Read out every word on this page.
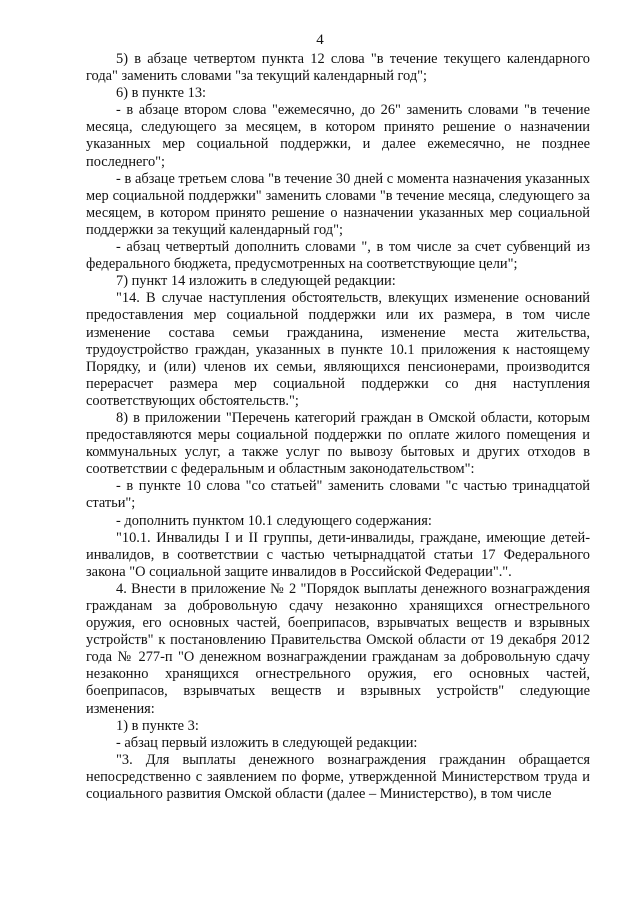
4

5) в абзаце четвертом пункта 12 слова "в течение текущего календарного года" заменить словами "за текущий календарный год";

6) в пункте 13:

- в абзаце втором слова "ежемесячно, до 26" заменить словами "в течение месяца, следующего за месяцем, в котором принято решение о назначении указанных мер социальной поддержки, и далее ежемесячно, не позднее последнего";

- в абзаце третьем слова "в течение 30 дней с момента назначения указанных мер социальной поддержки" заменить словами "в течение месяца, следующего за месяцем, в котором принято решение о назначении указанных мер социальной поддержки за текущий календарный год";

- абзац четвертый дополнить словами ", в том числе за счет субвенций из федерального бюджета, предусмотренных на соответствующие цели";

7) пункт 14 изложить в следующей редакции:

"14. В случае наступления обстоятельств, влекущих изменение оснований предоставления мер социальной поддержки или их размера, в том числе изменение состава семьи гражданина, изменение места жительства, трудоустройство граждан, указанных в пункте 10.1 приложения к настоящему Порядку, и (или) членов их семьи, являющихся пенсионерами, производится перерасчет размера мер социальной поддержки со дня наступления соответствующих обстоятельств.";

8) в приложении "Перечень категорий граждан в Омской области, которым предоставляются меры социальной поддержки по оплате жилого помещения и коммунальных услуг, а также услуг по вывозу бытовых и других отходов в соответствии с федеральным и областным законодательством":

- в пункте 10 слова "со статьей" заменить словами "с частью тринадцатой статьи";

- дополнить пунктом 10.1 следующего содержания:

"10.1. Инвалиды I и II группы, дети-инвалиды, граждане, имеющие детей-инвалидов, в соответствии с частью четырнадцатой статьи 17 Федерального закона "О социальной защите инвалидов в Российской Федерации".".

4. Внести в приложение № 2 "Порядок выплаты денежного вознаграждения гражданам за добровольную сдачу незаконно хранящихся огнестрельного оружия, его основных частей, боеприпасов, взрывчатых веществ и взрывных устройств" к постановлению Правительства Омской области от 19 декабря 2012 года № 277-п "О денежном вознаграждении гражданам за добровольную сдачу незаконно хранящихся огнестрельного оружия, его основных частей, боеприпасов, взрывчатых веществ и взрывных устройств" следующие изменения:

1) в пункте 3:

- абзац первый изложить в следующей редакции:

"3. Для выплаты денежного вознаграждения гражданин обращается непосредственно с заявлением по форме, утвержденной Министерством труда и социального развития Омской области (далее – Министерство), в том числе
